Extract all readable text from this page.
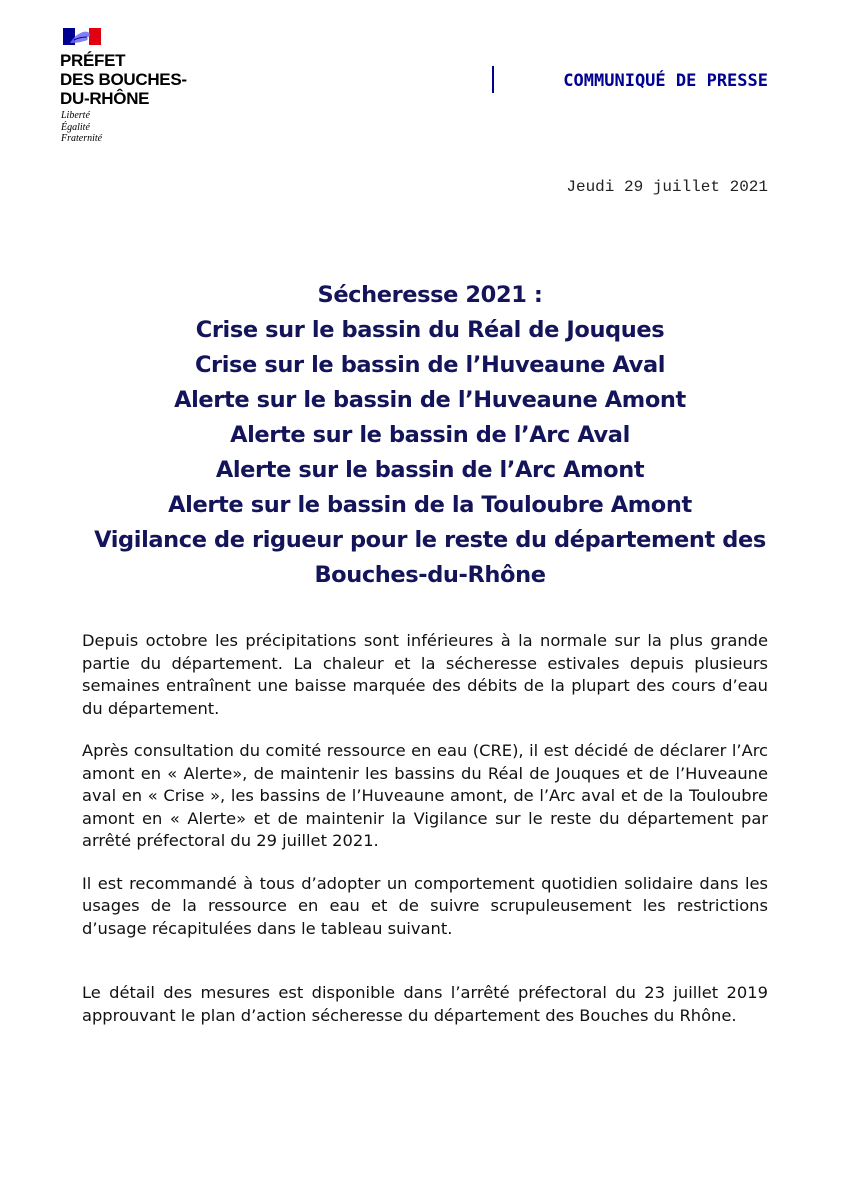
PRÉFET
DES BOUCHES-
DU-RHÔNE
Liberté
Égalité
Fraternité
COMMUNIQUÉ DE PRESSE
Jeudi 29 juillet 2021
Sécheresse 2021 :
Crise sur le bassin du Réal de Jouques
Crise sur le bassin de l’Huveaune Aval
Alerte sur le bassin de l’Huveaune Amont
Alerte sur le bassin de l’Arc Aval
Alerte sur le bassin de l’Arc Amont
Alerte sur le bassin de la Touloubre Amont
Vigilance de rigueur pour le reste du département des
Bouches-du-Rhône

Depuis octobre les précipitations sont inférieures à la normale sur la plus grande partie du département. La chaleur et la sécheresse estivales depuis plusieurs semaines entraînent une baisse marquée des débits de la plupart des cours d’eau du département.

Après consultation du comité ressource en eau (CRE), il est décidé de déclarer l’Arc amont en « Alerte», de maintenir les bassins du Réal de Jouques et de l’Huveaune aval en « Crise », les bassins de l’Huveaune amont, de l’Arc aval et de la Touloubre amont en « Alerte» et de maintenir la Vigilance sur le reste du département par arrêté préfectoral du 29 juillet 2021.

Il est recommandé à tous d’adopter un comportement quotidien solidaire dans les usages de la ressource en eau et de suivre scrupuleusement les restrictions d’usage récapitulées dans le tableau suivant.

Le détail des mesures est disponible dans l’arrêté préfectoral du 23 juillet 2019 approuvant le plan d’action sécheresse du département des Bouches du Rhône.
